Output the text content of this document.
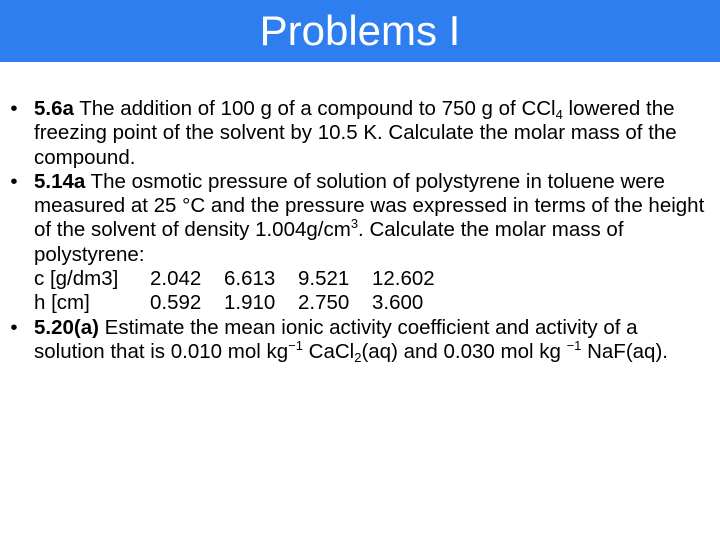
Problems I
• 5.6a The addition of 100 g of a compound to 750 g of CCl$_4$ lowered the freezing point of the solvent by 10.5 K. Calculate the molar mass of the compound.
• 5.14a The osmotic pressure of solution of polystyrene in toluene were measured at 25 °C and the pressure was expressed in terms of the height of the solvent of density $1.004g/cm^3$. Calculate the molar mass of polystyrene:
c [g/dm3] 2.042 6.613 9.521 12.602
h [cm]	0.592 1.910 2.750 3.600
• 5.20(a) Estimate the mean ionic activity coefficient and activity of a solution that is 0.010 mol $kg^{-1}$ CaCl$_2$(aq) and 0.030 mol kg $^{-1}$ NaF(aq).
